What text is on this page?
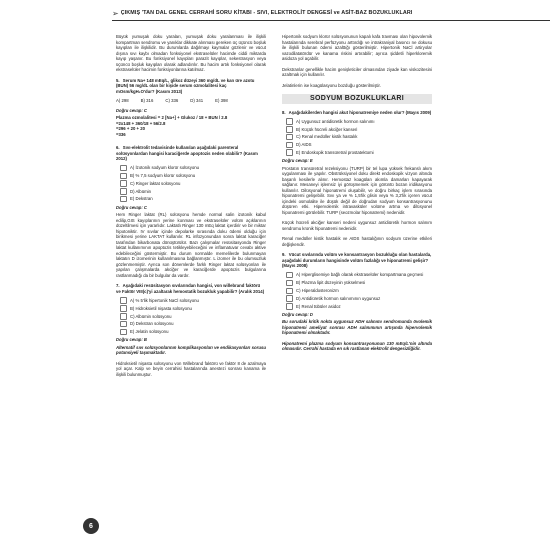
➢ ÇIKMIŞ 'TAN DAL GENEL CERRAHİ SORU KİTABI - SIVI, ELEKTROLİT DENGESİ ve ASİT-BAZ BOZUKLUKLARI

Büyük yumuşak doku yaraları, yumuşak doku yaralanması ile ilişkili kompartman sendromu ve yanıklar dikkate alınması gereken üç üçüncü boşluk kayıpları ile ilişkilidir. Bu durumlarda dağılmayı kaymalar gözlenir ve vücut dışına sıvı kaybı olmadan fonksiyonel ekstraselüler hacimde ciddi miktarda kayıp yaşanır. Bu fonksiyonel kayıpları parazit kayıplar, sekestrasyon veya üçüncü boşluk kayıpları olarak adlandırılır. Bu hacim artık fonksiyonel olarak ekstraselüler hacimin fonksiyonlarına katılmaz.

5. Serum Na+ 148 mEq/L, glikoz düzeyi 360 mg/dL ve kan üre azotu (BUN) 56 mg/dL olan bir kişide serum ozmolalitesi kaç mOsm/kgH₂O'dur? (Kasım 2013)
A) 298	B) 316	C) 336	D) 341	E) 398
Doğru cevap: C

Plazma ozmolalitesi = 2 [Na+] + Glukoz / 18 + BUN / 2.8

=2x148 + 360/18 + 56/2.8

=296 + 20 + 20

=336

6. Sıvı-elektrolit tedavisinde kullanılan aşağıdaki parenteral solüsyonlardan hangisi karaciğerde apoptozis neden olabilir? (Kasım 2012)
A) İzotonik sodyum klorür solüsyonu
B) % 7,5 sodyum klorür solüsyonu
C) Ringer laktat solüsyonu
D) Albümin
E) Dekstran
Doğru cevap: C

Hem Ringer laktat (RL) solüsyonu hemde normal salin izotonik kabul edilip,GIS kayıplarının yerine konması ve ekstraselüler volüm açıklarının düzeltilmesi için yararlıdır. Laktatlı Ringer 130 mEq laktat içerdirir ve bir miktar hipotoniktir. IV sıvılar içinde depolarke sırasında doku ödemi olduğu için birikmesi yerine LAKTAT kullanılır. RL infüzyonundan sonra laktat karaciğer tarafından bikarbonata dönüştürülür. Bazı çalışmalar resüsitasyonda Ringer laktat kullanımının apoptozis tetikleyebileceğini ve inflamatuvar cevabı aktive edebileceğini göstermiştir. Bu durum normalde memelilerde bulunmayan laktatın D izomerinin kullanılmasına bağlanmıştır. L izomer ile bu olumsuzluk gözlenmemiştir. Ayrıca son dönemlerde farklı Ringer laktat solüsyonları ile yapılan çalışmalarda akciğer ve karaciğerde apoptozis bulgularına rastlanmadığı da bir bulgular da vardır.

7. Aşağıdaki resüsitasyon sıvılarından hangisi, von willebrand faktörü ve Faktör VIII(c)'yi azaltarak hemostatik bozukluk yapabilir? (Aralık 2014)
A) % 5'lik hipertonik NaCl solüsyonu
B) Hidroksietil nişasta solüsyonu
C) Albümin solüsyonu
D) Dekstran solüsyonu
E) Jelatin solüsyonu
Doğru cevap: B

Alternatif sıvı solüsyonlarının komplikasyonları ve endikasyonları sorusu potansiyeli taşımaktadır.

Hidroksietil nişasta solüsyonu von Willebrand faktörü ve faktör 8 de azalmaya yol açar. Kalp ve beyin cerrahisi hastalarında anestezi sonrası kanama ile ilişkili bulunmuştur.

Hipertonik sodyum klorür solüsyonunun kapalı kafa travması olan hipovolemik hastalarında serebral perfüzyonu arttırdığı ve intrakraniyal basıncı ne dokusu ile ilişkili bulunan ödemi azalttığı gösterilmiştir. Hipertonik NaCl artiryolar vazodilatatördür ve kanama riskini artırabilir; ayrıca şiddetli hiperkloremik asidoza yol açabilir.

Dekstranlar genellikle hacim genişleticiler olmasından ziyade kan viskozitesini azaltmak için kullanılır.

Jelatinlerin ise koagülasyonu bozduğu gösterilmiştir.

SODYUM BOZUKLUKLARI
8. Aşağıdakilerden hangisi akut hiponatremiye neden olur? (Mayıs 2009)
A) Uygunsuz antidiüretik hormon salınımı
B) Küçük hücreli akciğer kanseri
C) Renal medüller kistik hastalık
D) AIDS
E) Endoskopik transüretral prostatektomi
Doğru cevap: E

Prostatın transüretral rezeksiyonu (TURP) bir tel lupa yüksek frekanslı akım uygulanması ile yapılır. Obstrüksiyonel doku direkt endoskopik vizyon altında başarılı kesilerle alınır. Hemostaz koagülan akımla damarları kapayarak sağlanır. Mesaneyi işlemsiz iyi görüşmemek için görüntü bozan iridikasyonu kullanılır. Dilüsyonal hiponatremi oluşabilir, ve doğru birkaç işlem sırasında hiponatremi gelişebilir. Sıvı ya ve % 1,5'lik glisin veya % 3,2'lik içeren vücut içindeki osmolalite ile düşük değil de doğrudan sodyum konsantrasyonunu düşüren etki. Hipervolemik intravasküler volüme artma ve dilüsyonel hiponatremi görülebilir. TURP (seozmolar hiponatremi) nedenidir.

Küçük hücreli akciğer kanseri nedeni uygunsuz antidiüretik hormon salınım sendromu kronik hiponatremi nedenidir.

Renal medüller kistik hastalık ve AIDS hastalığının sodyum üzerine etkileri değişkendir.

9. Vücut sıvılarında volüm ve konsantrasyon bozukluğu olan hastalarda, aşağıdaki durumların hangisinde volüm fazlalığı ve hiponatremi gelişir? (Mayıs 2008)
A) Hiperglisemiye bağlı olarak ekstraselüler kompartmana geçmesi
B) Plazma lipit düzeyinin yükselmesi
C) Hiperaldosteronizm
D) Antidiüretik hormon salınımının uygunsuz
E) Renal tübüler asidoz
Doğru cevap: D

Bu sorudaki kritik nokta uygunsuz ADH salınımı sendromunda övolemik hiponatremi ameliyat sonrası ADH salınımının artışında hipervolemik hiponatremi olmaktadır.

Hiponatremi plazma sodyum konsantrasyonunun 130 mEq/L'nin altında olmasıdır. Cerrahi hastada en sık rastlanan elektrolit dengesizliğidir.

6
